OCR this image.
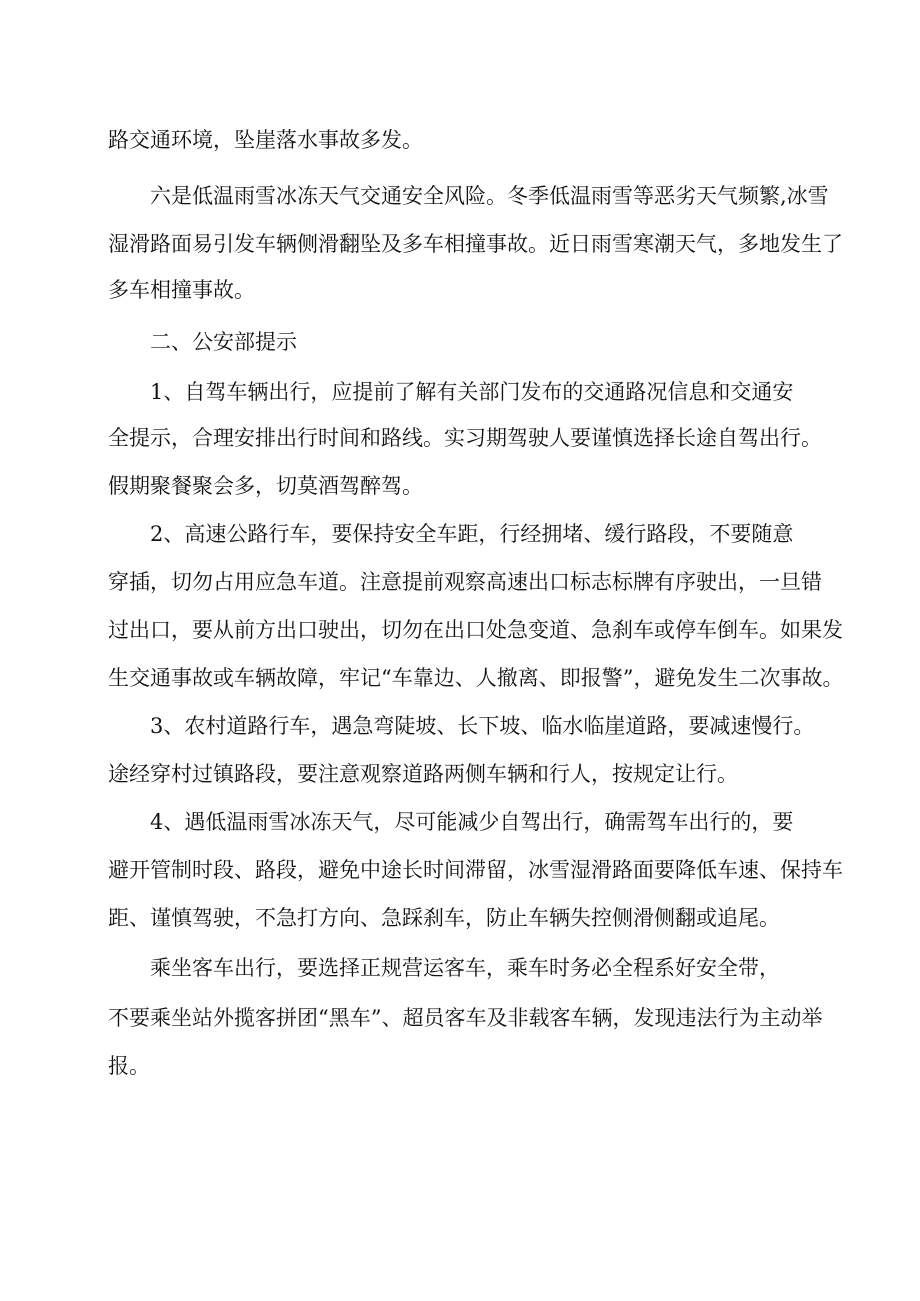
路交通环境，坠崖落水事故多发。
六是低温雨雪冰冻天气交通安全风险。冬季低温雨雪等恶劣天气频繁,冰雪
湿滑路面易引发车辆侧滑翻坠及多车相撞事故。近日雨雪寒潮天气，多地发生了
多车相撞事故。
二、公安部提示
1、自驾车辆出行，应提前了解有关部门发布的交通路况信息和交通安
全提示，合理安排出行时间和路线。实习期驾驶人要谨慎选择长途自驾出行。
假期聚餐聚会多，切莫酒驾醉驾。
2、高速公路行车，要保持安全车距，行经拥堵、缓行路段，不要随意
穿插，切勿占用应急车道。注意提前观察高速出口标志标牌有序驶出，一旦错
过出口，要从前方出口驶出，切勿在出口处急变道、急刹车或停车倒车。如果发
生交通事故或车辆故障，牢记“车靠边、人撤离、即报警”，避免发生二次事故。
3、农村道路行车，遇急弯陡坡、长下坡、临水临崖道路，要减速慢行。
途经穿村过镇路段，要注意观察道路两侧车辆和行人，按规定让行。
4、遇低温雨雪冰冻天气，尽可能减少自驾出行，确需驾车出行的，要
避开管制时段、路段，避免中途长时间滞留，冰雪湿滑路面要降低车速、保持车
距、谨慎驾驶，不急打方向、急踩刹车，防止车辆失控侧滑侧翻或追尾。
乘坐客车出行，要选择正规营运客车，乘车时务必全程系好安全带，
不要乘坐站外揽客拼团“黑车”、超员客车及非载客车辆，发现违法行为主动举
报。
